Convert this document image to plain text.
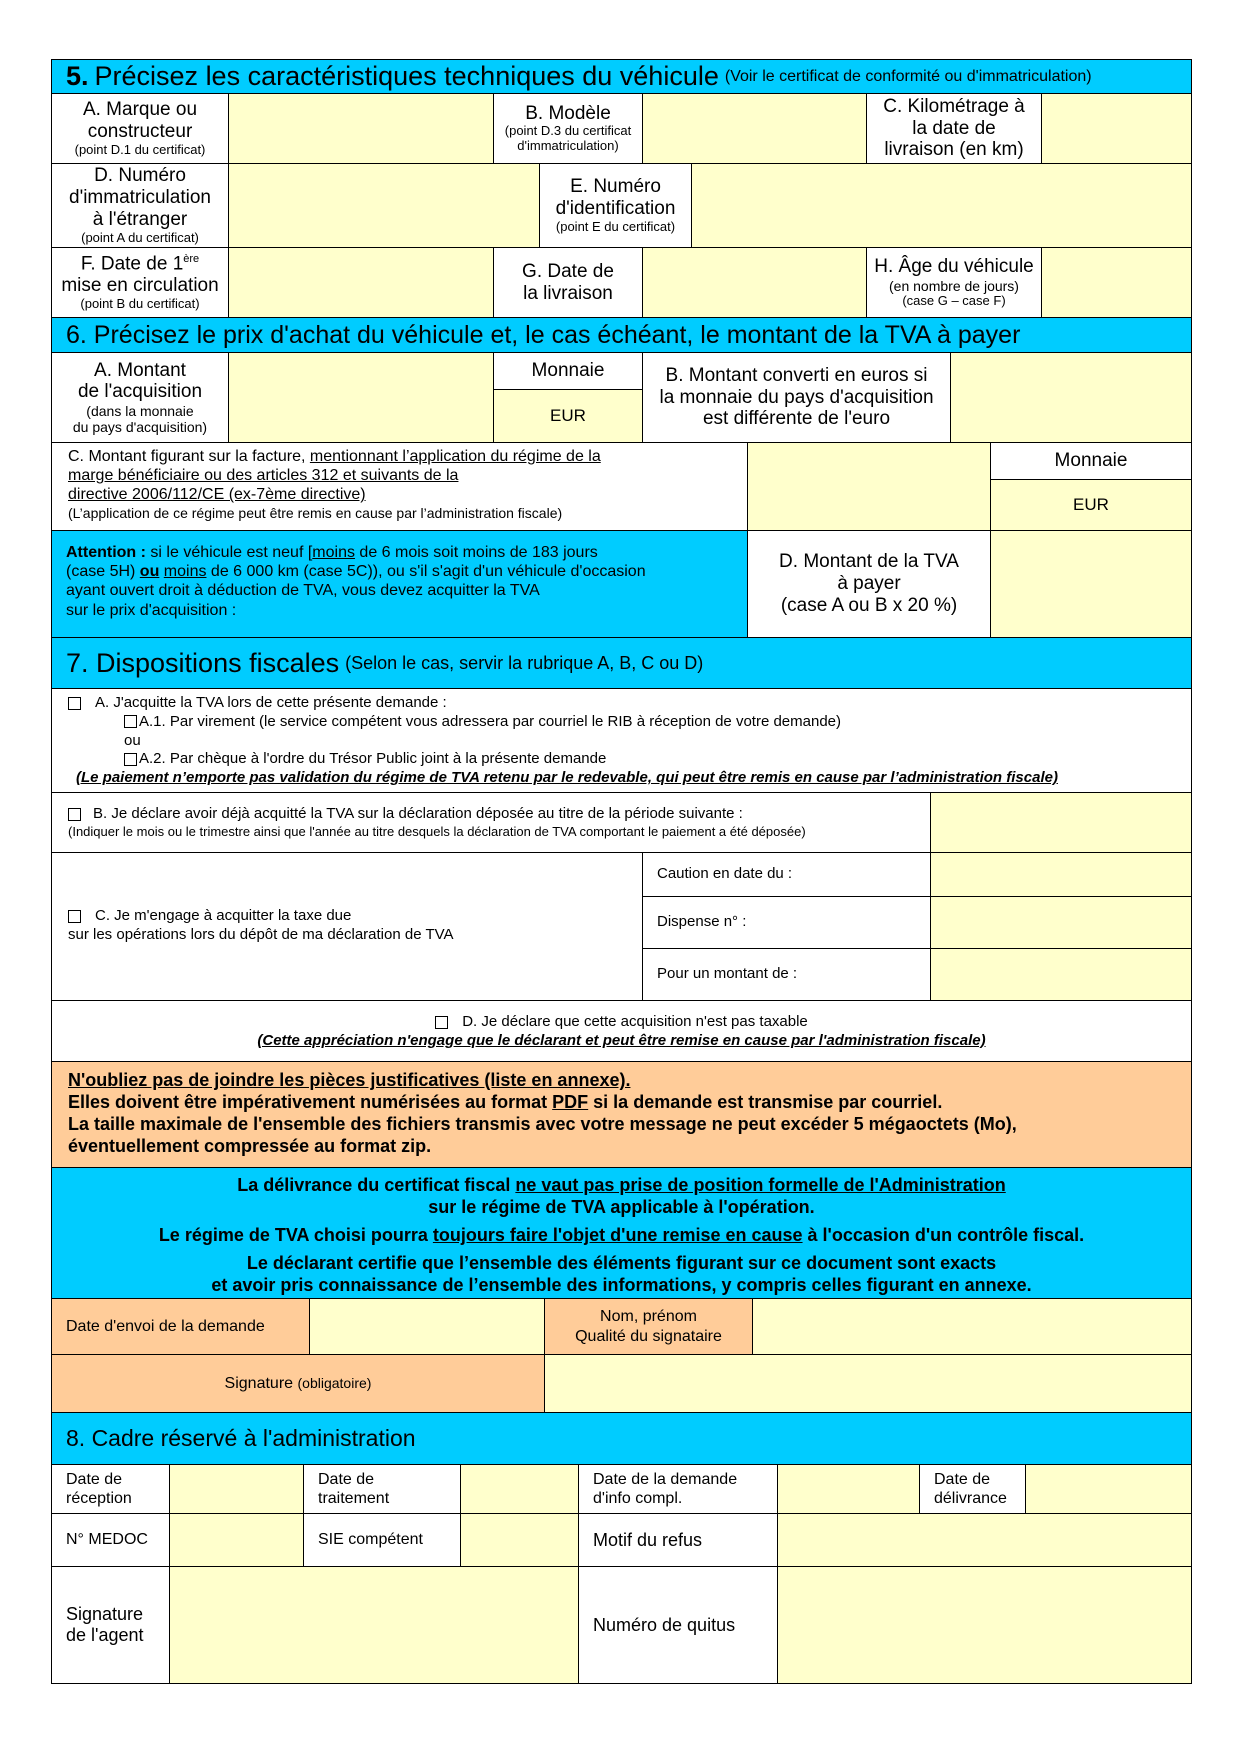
5. Précisez les caractéristiques techniques du véhicule (Voir le certificat de conformité ou d'immatriculation)
A. Marque ou
constructeur
(point D.1 du certificat)
B. Modèle
(point D.3 du certificat d'immatriculation)
C. Kilométrage à
la date de
livraison (en km)
D. Numéro
d'immatriculation
à l'étranger
(point A du certificat)
E. Numéro
d'identification
(point E du certificat)
F. Date de 1ère
mise en circulation
(point B du certificat)
G. Date de
la livraison
H. Âge du véhicule
(en nombre de jours)
(case G – case F)
6. Précisez le prix d'achat du véhicule et, le cas échéant, le montant de la TVA à payer
A. Montant
de l'acquisition
(dans la monnaie
du pays d'acquisition)
Monnaie
EUR
B. Montant converti en euros si
la monnaie du pays d'acquisition
est différente de l'euro
C. Montant figurant sur la facture, mentionnant l’application du régime de la
marge bénéficiaire ou des articles 312 et suivants de la
directive 2006/112/CE (ex-7ème directive)
(L’application de ce régime peut être remis en cause par l’administration fiscale)
Monnaie
EUR
Attention : si le véhicule est neuf [moins de 6 mois soit moins de 183 jours
(case 5H) ou moins de 6 000 km (case 5C)), ou s'il s'agit d'un véhicule d'occasion
ayant ouvert droit à déduction de TVA, vous devez acquitter la TVA
sur le prix d'acquisition :
D. Montant de la TVA
à payer
(case A ou B x 20 %)
7. Dispositions fiscales (Selon le cas, servir la rubrique A, B, C ou D)
A. J'acquitte la TVA lors de cette présente demande :
A.1. Par virement (le service compétent vous adressera par courriel le RIB à réception de votre demande)
ou
A.2. Par chèque à l'ordre du Trésor Public joint à la présente demande
(Le paiement n’emporte pas validation du régime de TVA retenu par le redevable, qui peut être remis en cause par l’administration fiscale)
B. Je déclare avoir déjà acquitté la TVA sur la déclaration déposée au titre de la période suivante :
(Indiquer le mois ou le trimestre ainsi que l'année au titre desquels la déclaration de TVA comportant le paiement a été déposée)
C. Je m'engage à acquitter la taxe due
sur les opérations lors du dépôt de ma déclaration de TVA
Caution en date du :
Dispense n° :
Pour un montant de :
D. Je déclare que cette acquisition n'est pas taxable
(Cette appréciation n'engage que le déclarant et peut être remise en cause par l'administration fiscale)
N'oubliez pas de joindre les pièces justificatives (liste en annexe).
Elles doivent être impérativement numérisées au format PDF si la demande est transmise par courriel.
La taille maximale de l'ensemble des fichiers transmis avec votre message ne peut excéder 5 mégaoctets (Mo),
éventuellement compressée au format zip.
La délivrance du certificat fiscal ne vaut pas prise de position formelle de l'Administration
sur le régime de TVA applicable à l'opération.
Le régime de TVA choisi pourra toujours faire l'objet d'une remise en cause à l'occasion d'un contrôle fiscal.
Le déclarant certifie que l’ensemble des éléments figurant sur ce document sont exacts
et avoir pris connaissance de l’ensemble des informations, y compris celles figurant en annexe.
Date d'envoi de la demande
Nom, prénom
Qualité du signataire
Signature (obligatoire)
8. Cadre réservé à l'administration
Date de
réception
Date de
traitement
Date de la demande
d'info compl.
Date de
délivrance
N° MEDOC	SIE compétent	Motif du refus
Signature
de l'agent
Numéro de quitus
